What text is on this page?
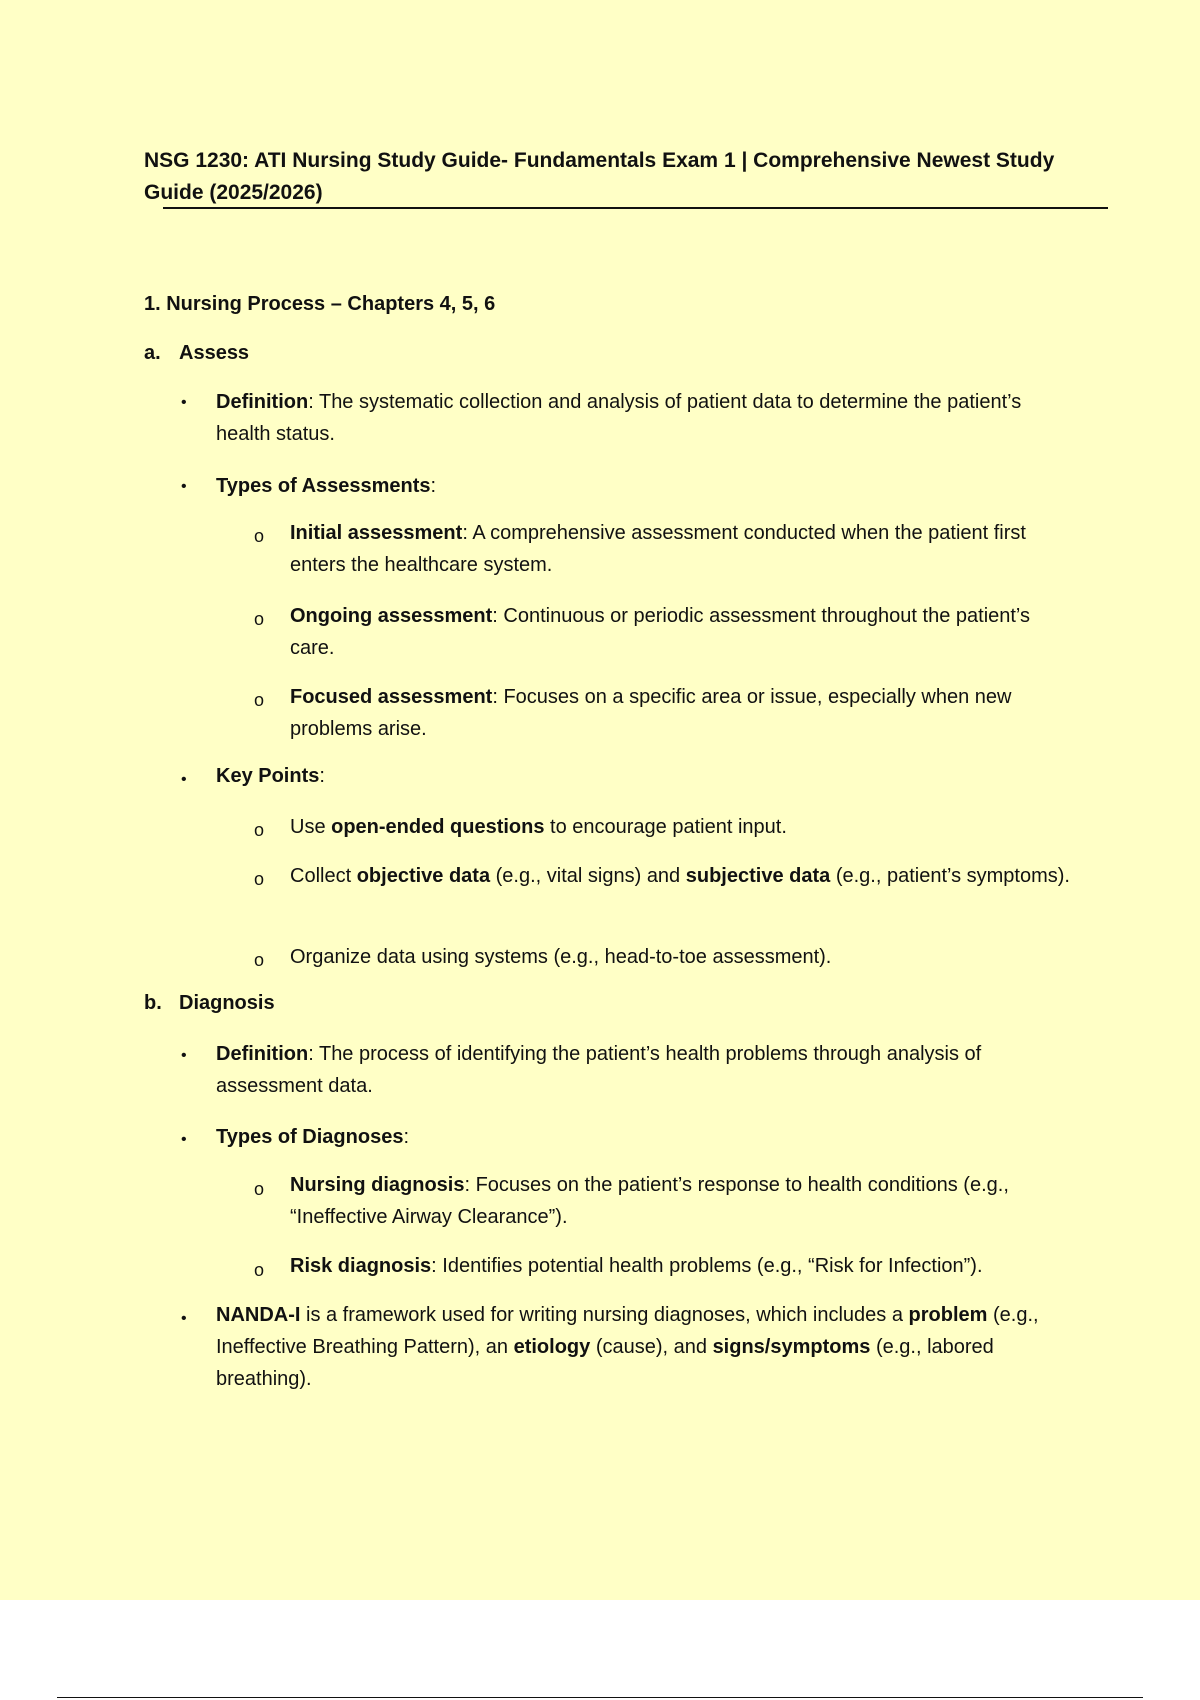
NSG 1230: ATI Nursing Study Guide- Fundamentals Exam 1 | Comprehensive Newest Study Guide (2025/2026)
1. Nursing Process – Chapters 4, 5, 6
a. Assess
• Definition: The systematic collection and analysis of patient data to determine the patient’s health status.
• Types of Assessments:
o Initial assessment: A comprehensive assessment conducted when the patient first enters the healthcare system.
o Ongoing assessment: Continuous or periodic assessment throughout the patient’s care.
o Focused assessment: Focuses on a specific area or issue, especially when new problems arise.
• Key Points:
o Use open-ended questions to encourage patient input.
o Collect objective data (e.g., vital signs) and subjective data (e.g., patient’s symptoms).
o Organize data using systems (e.g., head-to-toe assessment).
b. Diagnosis
• Definition: The process of identifying the patient’s health problems through analysis of assessment data.
• Types of Diagnoses:
o Nursing diagnosis: Focuses on the patient’s response to health conditions (e.g., “Ineffective Airway Clearance”).
o Risk diagnosis: Identifies potential health problems (e.g., “Risk for Infection”).
• NANDA-I is a framework used for writing nursing diagnoses, which includes a problem (e.g., Ineffective Breathing Pattern), an etiology (cause), and signs/symptoms (e.g., labored breathing).
